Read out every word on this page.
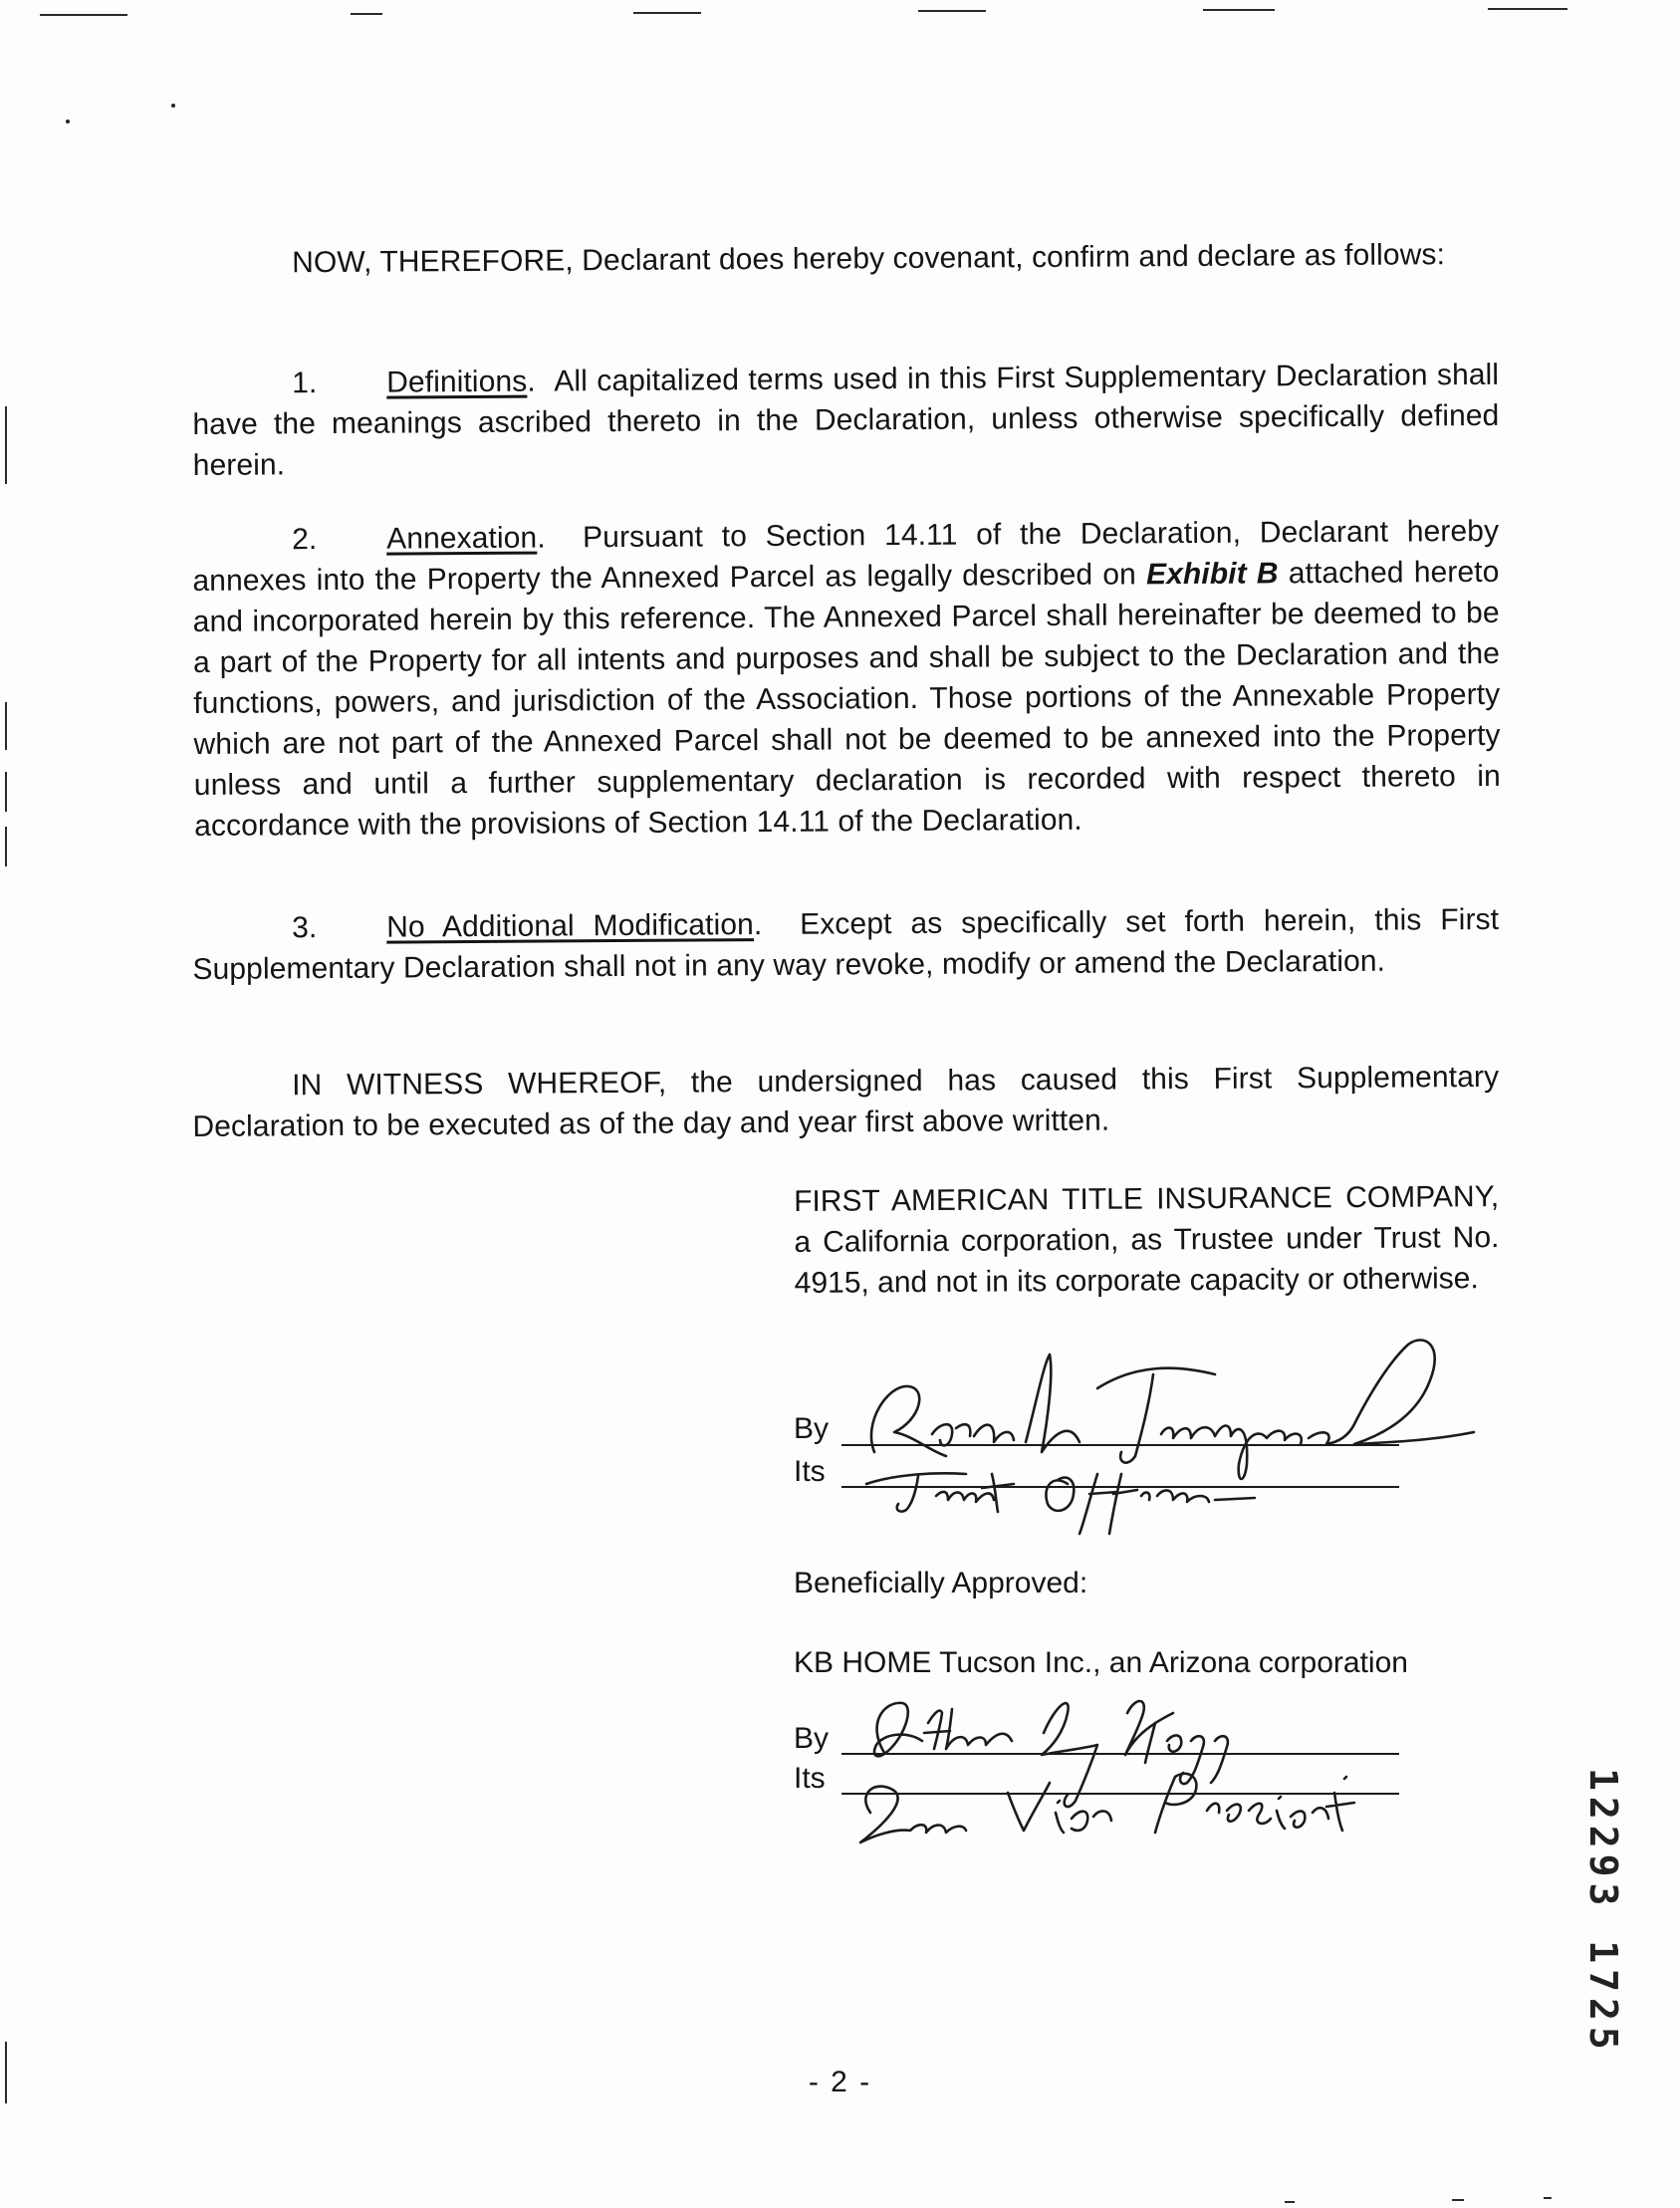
NOW, THEREFORE, Declarant does hereby covenant, confirm and declare as follows:

1. Definitions.  All capitalized terms used in this First Supplementary Declaration shall have the meanings ascribed thereto in the Declaration, unless otherwise specifically defined herein.

2. Annexation.  Pursuant to Section 14.11 of the Declaration, Declarant hereby annexes into the Property the Annexed Parcel as legally described on Exhibit B attached hereto and incorporated herein by this reference. The Annexed Parcel shall hereinafter be deemed to be a part of the Property for all intents and purposes and shall be subject to the Declaration and the functions, powers, and jurisdiction of the Association. Those portions of the Annexable Property which are not part of the Annexed Parcel shall not be deemed to be annexed into the Property unless and until a further supplementary declaration is recorded with respect thereto in accordance with the provisions of Section 14.11 of the Declaration.

3. No Additional Modification.  Except as specifically set forth herein, this First Supplementary Declaration shall not in any way revoke, modify or amend the Declaration.

IN WITNESS WHEREOF, the undersigned has caused this First Supplementary Declaration to be executed as of the day and year first above written.

FIRST AMERICAN TITLE INSURANCE COMPANY, a California corporation, as Trustee under Trust No. 4915, and not in its corporate capacity or otherwise.

By
Its
Beneficially Approved:
KB HOME Tucson Inc., an Arizona corporation
By
Its	12293 1725
- 2 -
